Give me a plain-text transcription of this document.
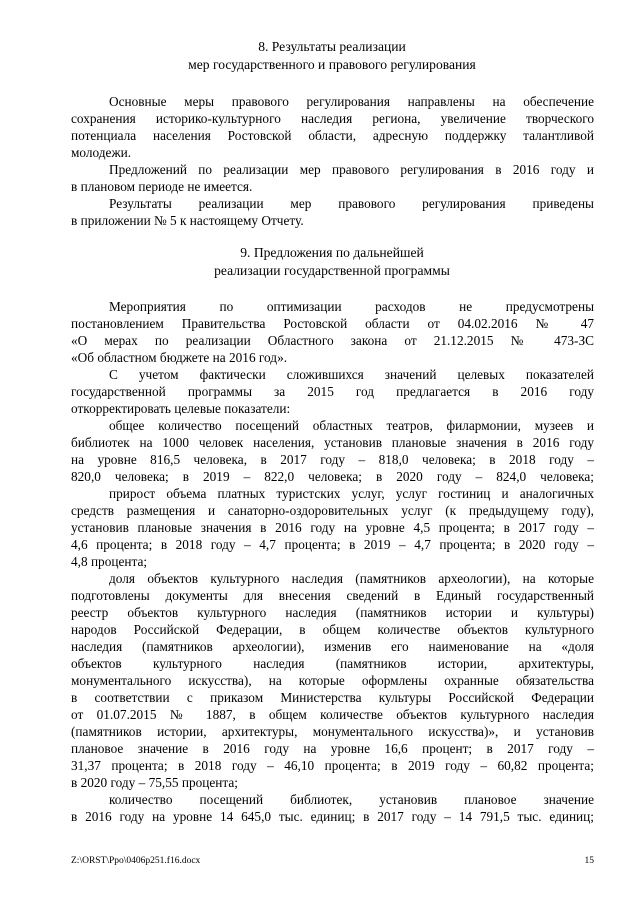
8. Результаты реализации
мер государственного и правового регулирования
Основные меры правового регулирования направлены на обеспечение
сохранения историко-культурного наследия региона, увеличение творческого
потенциала населения Ростовской области, адресную поддержку талантливой
молодежи.
Предложений по реализации мер правового регулирования в 2016 году и
в плановом периоде не имеется.
Результаты реализации мер правового регулирования приведены
в приложении № 5 к настоящему Отчету.
9. Предложения по дальнейшей
реализации государственной программы
Мероприятия по оптимизации расходов не предусмотрены
постановлением Правительства Ростовской области от 04.02.2016 № 47
«О мерах по реализации Областного закона от 21.12.2015 № 473-ЗС
«Об областном бюджете на 2016 год».
С учетом фактически сложившихся значений целевых показателей
государственной программы за 2015 год предлагается в 2016 году
откорректировать целевые показатели:
общее количество посещений областных театров, филармонии, музеев и
библиотек на 1000 человек населения, установив плановые значения в 2016 году
на уровне 816,5 человека, в 2017 году – 818,0 человека; в 2018 году –
820,0 человека; в 2019 – 822,0 человека; в 2020 году – 824,0 человека;
прирост объема платных туристских услуг, услуг гостиниц и аналогичных
средств размещения и санаторно-оздоровительных услуг (к предыдущему году),
установив плановые значения в 2016 году на уровне 4,5 процента; в 2017 году –
4,6 процента; в 2018 году – 4,7 процента; в 2019 – 4,7 процента; в 2020 году –
4,8 процента;
доля объектов культурного наследия (памятников археологии), на которые
подготовлены документы для внесения сведений в Единый государственный
реестр объектов культурного наследия (памятников истории и культуры)
народов Российской Федерации, в общем количестве объектов культурного
наследия (памятников археологии), изменив его наименование на «доля
объектов культурного наследия (памятников истории, архитектуры,
монументального искусства), на которые оформлены охранные обязательства
в соответствии с приказом Министерства культуры Российской Федерации
от 01.07.2015 № 1887, в общем количестве объектов культурного наследия
(памятников истории, архитектуры, монументального искусства)», и установив
плановое значение в 2016 году на уровне 16,6 процент; в 2017 году –
31,37 процента; в 2018 году – 46,10 процента; в 2019 году – 60,82 процента;
в 2020 году – 75,55 процента;
количество посещений библиотек, установив плановое значение
в 2016 году на уровне 14 645,0 тыс. единиц; в 2017 году – 14 791,5 тыс. единиц;
Z:\ORST\Ppo\0406p251.f16.docx	15
